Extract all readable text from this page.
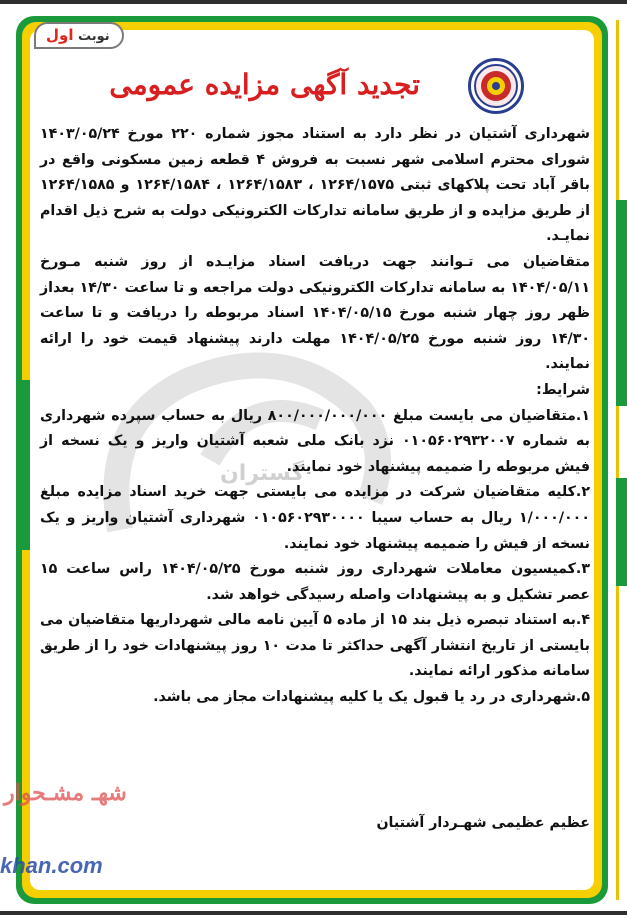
نوبت اول
تجدید آگهی مزایده عمومی
گستران

شهرداری آشتیان در نظر دارد به استناد مجوز شماره ۲۲۰ مورخ ۱۴۰۳/۰۵/۲۴ شورای محترم اسلامی شهر نسبت به فروش ۴ قطعه زمین مسکونی واقع در باقر آباد تحت پلاکهای ثبتی ۱۲۶۴/۱۵۷۵ ، ۱۲۶۴/۱۵۸۳ ، ۱۲۶۴/۱۵۸۴ و ۱۲۶۴/۱۵۸۵ از طریق مزایده و از طریق سامانه تدارکات الکترونیکی دولت به شرح ذیل اقدام نمایـد.

متقاضیان می تـوانند جهت دریافت اسناد مزایـده از روز شنبه مـورخ ۱۴۰۴/۰۵/۱۱ به سامانه تدارکات الکترونیکی دولت مراجعه و تا ساعت ۱۴/۳۰ بعداز ظهر روز چهار شنبه مورخ ۱۴۰۴/۰۵/۱۵ اسناد مربوطه را دریافت و تا ساعت ۱۴/۳۰ روز شنبه مورخ ۱۴۰۴/۰۵/۲۵ مهلت دارند پیشنهاد قیمت خود را ارائه نمایند.

شرایط:

۱.متقاضیان می بایست مبلغ ۸۰۰/۰۰۰/۰۰۰/۰۰۰ ریال به حساب سپرده شهرداری به شماره ۰۱۰۵۶۰۲۹۳۲۰۰۷ نزد بانک ملی شعبه آشتیان واریز و یک نسخه از فیش مربوطه را ضمیمه پیشنهاد خود نمایند.

۲.کلیه متقاضیان شرکت در مزایده می بایستی جهت خرید اسناد مزایده مبلغ ۱/۰۰۰/۰۰۰ ریال به حساب سیبا ۰۱۰۵۶۰۲۹۳۰۰۰۰ شهرداری آشتیان واریز و یک نسخه از فیش را ضمیمه پیشنهاد خود نمایند.

۳.کمیسیون معاملات شهرداری روز شنبه مورخ ۱۴۰۴/۰۵/۲۵ راس ساعت ۱۵ عصر تشکیل و به پیشنهادات واصله رسیدگی خواهد شد.

۴.به استناد تبصره ذیل بند ۱۵ از ماده ۵ آیین نامه مالی شهرداریها متقاضیان می بایستی از تاریخ انتشار آگهی حداکثر تا مدت ۱۰ روز پیشنهادات خود را از طریق سامانه مذکور ارائه نمایند.

۵.شهرداری در رد یا قبول یک یا کلیه پیشنهادات مجاز می باشد.

عظیم عظیمی شهـردار آشتیان
شهـ مشـحوار
khan.com
